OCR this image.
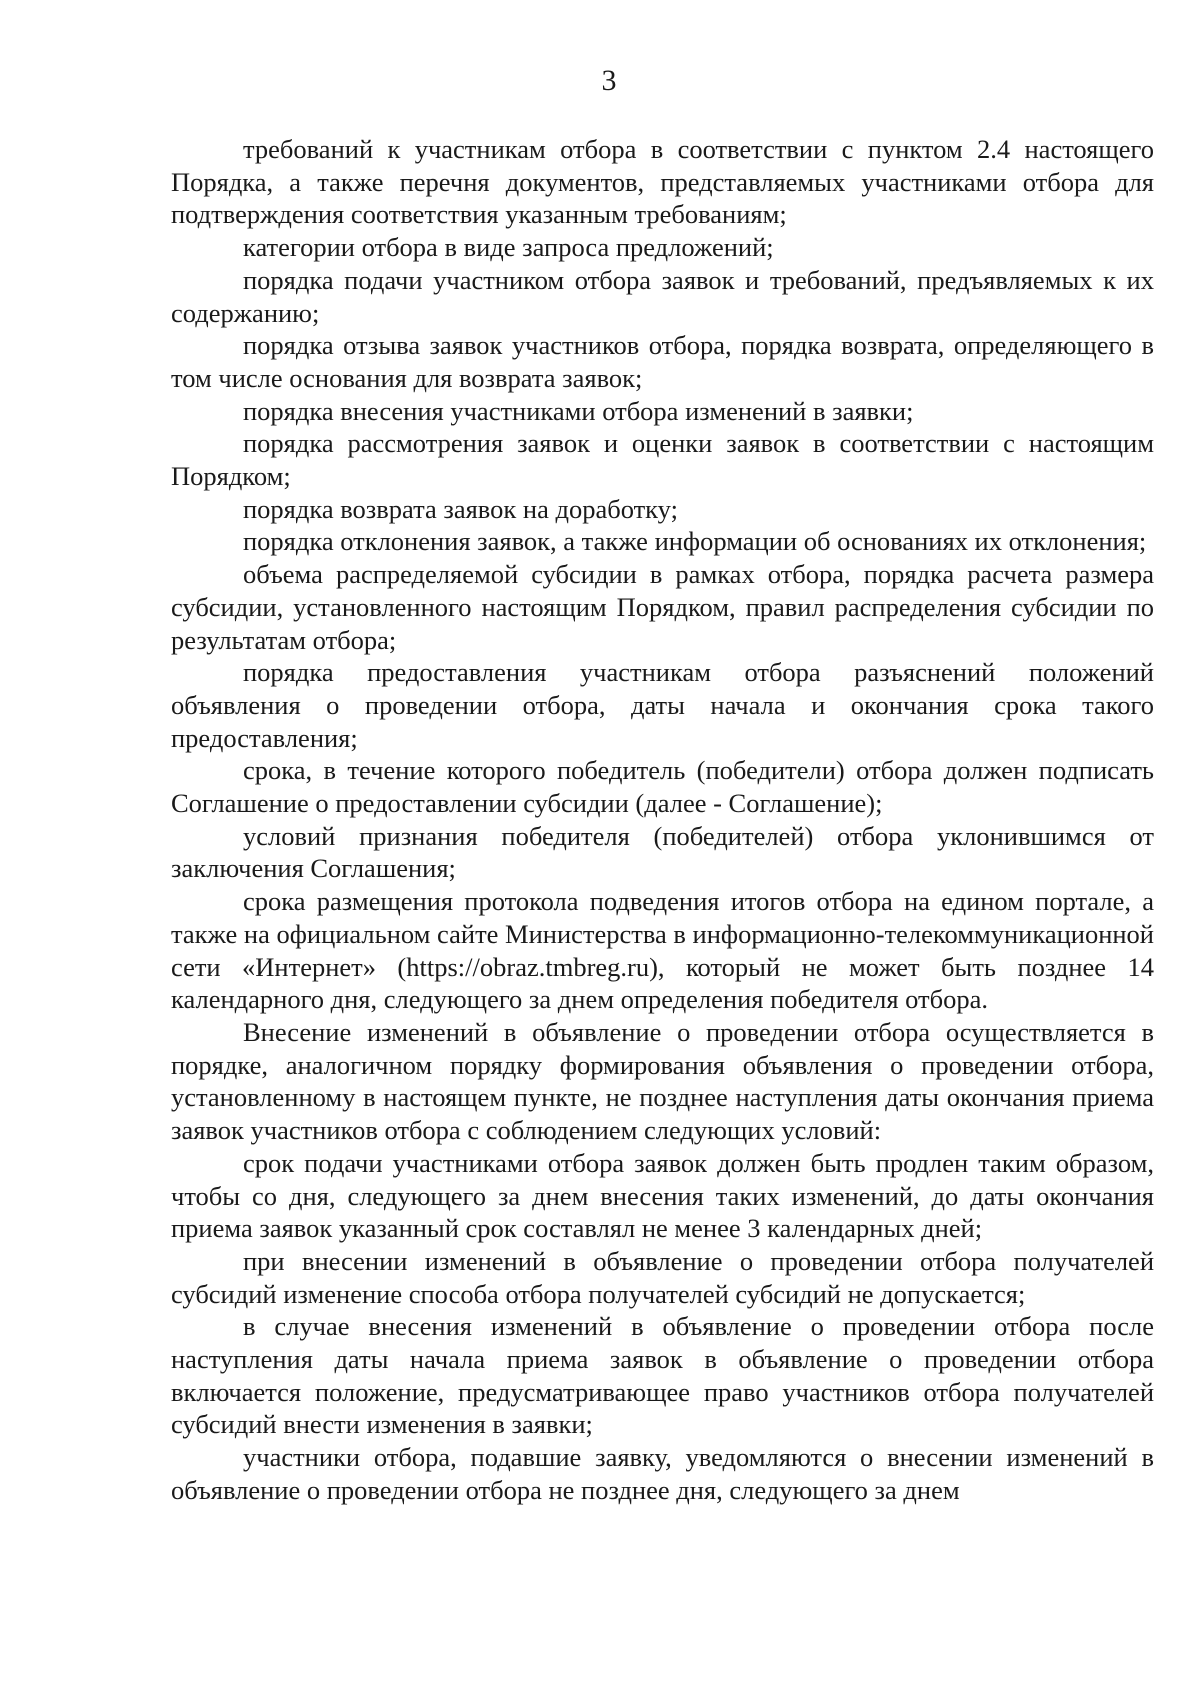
3

требований к участникам отбора в соответствии с пунктом 2.4 настоящего Порядка, а также перечня документов, представляемых участниками отбора для подтверждения соответствия указанным требованиям;

категории отбора в виде запроса предложений;

порядка подачи участником отбора заявок и требований, предъявляемых к их содержанию;

порядка отзыва заявок участников отбора, порядка возврата, определяющего в том числе основания для возврата заявок;

порядка внесения участниками отбора изменений в заявки;

порядка рассмотрения заявок и оценки заявок в соответствии с настоящим Порядком;

порядка возврата заявок на доработку;

порядка отклонения заявок, а также информации об основаниях их отклонения;

объема распределяемой субсидии в рамках отбора, порядка расчета размера субсидии, установленного настоящим Порядком, правил распределения субсидии по результатам отбора;

порядка предоставления участникам отбора разъяснений положений объявления о проведении отбора, даты начала и окончания срока такого предоставления;

срока, в течение которого победитель (победители) отбора должен подписать Соглашение о предоставлении субсидии (далее - Соглашение);

условий признания победителя (победителей) отбора уклонившимся от заключения Соглашения;

срока размещения протокола подведения итогов отбора на едином портале, а также на официальном сайте Министерства в информационно-телекоммуникационной сети «Интернет» (https://obraz.tmbreg.ru), который не может быть позднее 14 календарного дня, следующего за днем определения победителя отбора.

Внесение изменений в объявление о проведении отбора осуществляется в порядке, аналогичном порядку формирования объявления о проведении отбора, установленному в настоящем пункте, не позднее наступления даты окончания приема заявок участников отбора с соблюдением следующих условий:

срок подачи участниками отбора заявок должен быть продлен таким образом, чтобы со дня, следующего за днем внесения таких изменений, до даты окончания приема заявок указанный срок составлял не менее 3 календарных дней;

при внесении изменений в объявление о проведении отбора получателей субсидий изменение способа отбора получателей субсидий не допускается;

в случае внесения изменений в объявление о проведении отбора после наступления даты начала приема заявок в объявление о проведении отбора включается положение, предусматривающее право участников отбора получателей субсидий внести изменения в заявки;

участники отбора, подавшие заявку, уведомляются о внесении изменений в объявление о проведении отбора не позднее дня, следующего за днем
